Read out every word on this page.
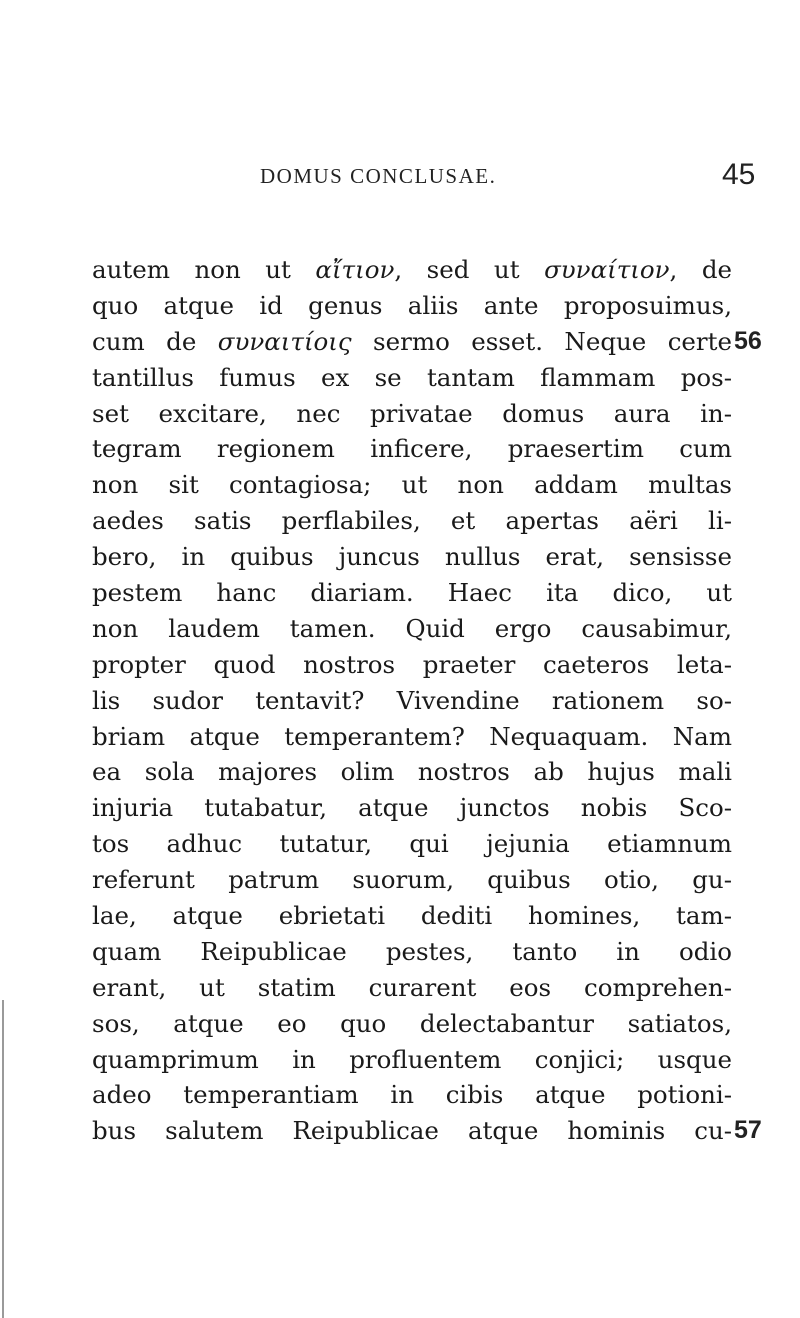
DOMUS CONCLUSAE.	45
autem non ut αἴτιον, sed ut συναίτιον, de
quo atque id genus aliis ante proposuimus,
cum de συναιτίοις sermo esset. Neque certe 56
tantillus fumus ex se tantam flammam pos-
set excitare, nec privatae domus aura in-
tegram regionem inficere, praesertim cum
non sit contagiosa; ut non addam multas
aedes satis perflabiles, et apertas aëri li-
bero, in quibus juncus nullus erat, sensisse
pestem hanc diariam. Haec ita dico, ut
non laudem tamen. Quid ergo causabimur,
propter quod nostros praeter caeteros leta-
lis sudor tentavit? Vivendine rationem so-
briam atque temperantem? Nequaquam. Nam
ea sola majores olim nostros ab hujus mali
injuria tutabatur, atque junctos nobis Sco-
tos adhuc tutatur, qui jejunia etiamnum
referunt patrum suorum, quibus otio, gu-
lae, atque ebrietati dediti homines, tam-
quam Reipublicae pestes, tanto in odio
erant, ut statim curarent eos comprehen-
sos, atque eo quo delectabantur satiatos,
quamprimum in profluentem conjici; usque
adeo temperantiam in cibis atque potioni-
bus salutem Reipublicae atque hominis cu- 57
